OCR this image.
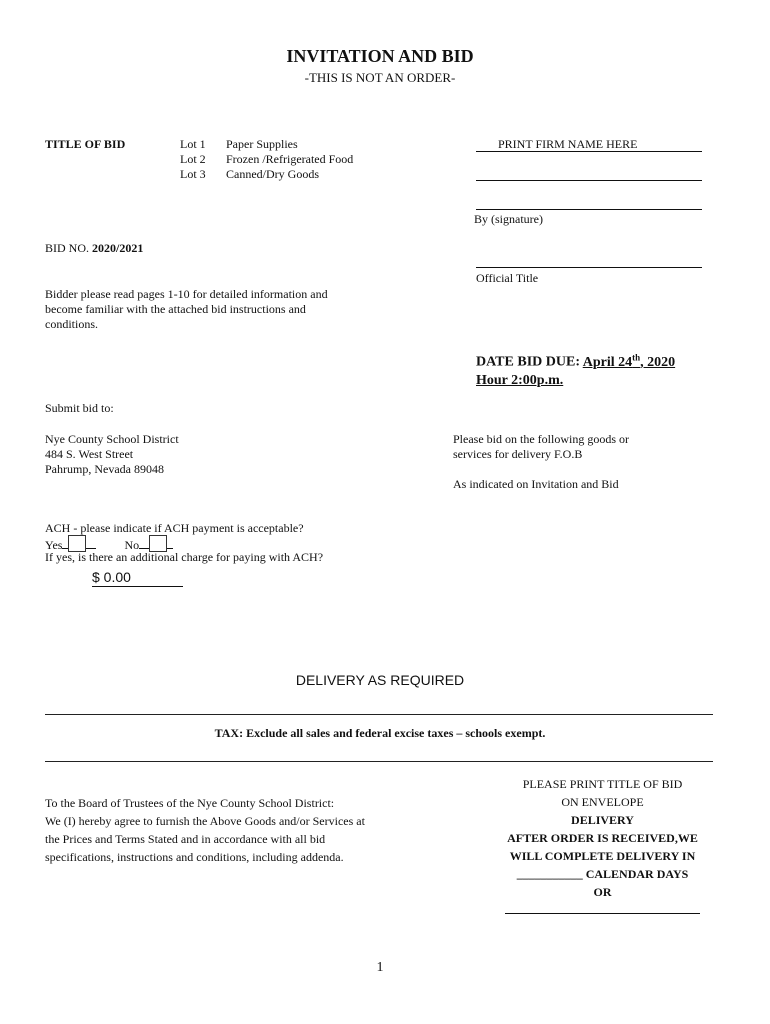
INVITATION AND BID
-THIS IS NOT AN ORDER-
TITLE OF BID	Lot 1	Paper Supplies
Lot 2	Frozen /Refrigerated Food
Lot 3	Canned/Dry Goods
PRINT FIRM NAME HERE
By (signature)
Official Title
BID NO. 2020/2021
Bidder please read pages 1-10 for detailed information and
become familiar with the attached bid instructions and
conditions.
DATE BID DUE: April 24th, 2020
Hour 2:00p.m.
Submit bid to:
Nye County School District
484 S. West Street
Pahrump, Nevada 89048
Please bid on the following goods or
services for delivery F.O.B
As indicated on Invitation and Bid
ACH - please indicate if ACH payment is acceptable?
Yes	No
If yes, is there an additional charge for paying with ACH?
$ 0.00
DELIVERY AS REQUIRED
TAX: Exclude all sales and federal excise taxes – schools exempt.
To the Board of Trustees of the Nye County School District:
We (I) hereby agree to furnish the Above Goods and/or Services at
the Prices and Terms Stated and in accordance with all bid
specifications, instructions and conditions, including addenda.
PLEASE PRINT TITLE OF BID
ON ENVELOPE
DELIVERY
AFTER ORDER IS RECEIVED,WE
WILL COMPLETE DELIVERY IN
___________ CALENDAR DAYS
OR
1
